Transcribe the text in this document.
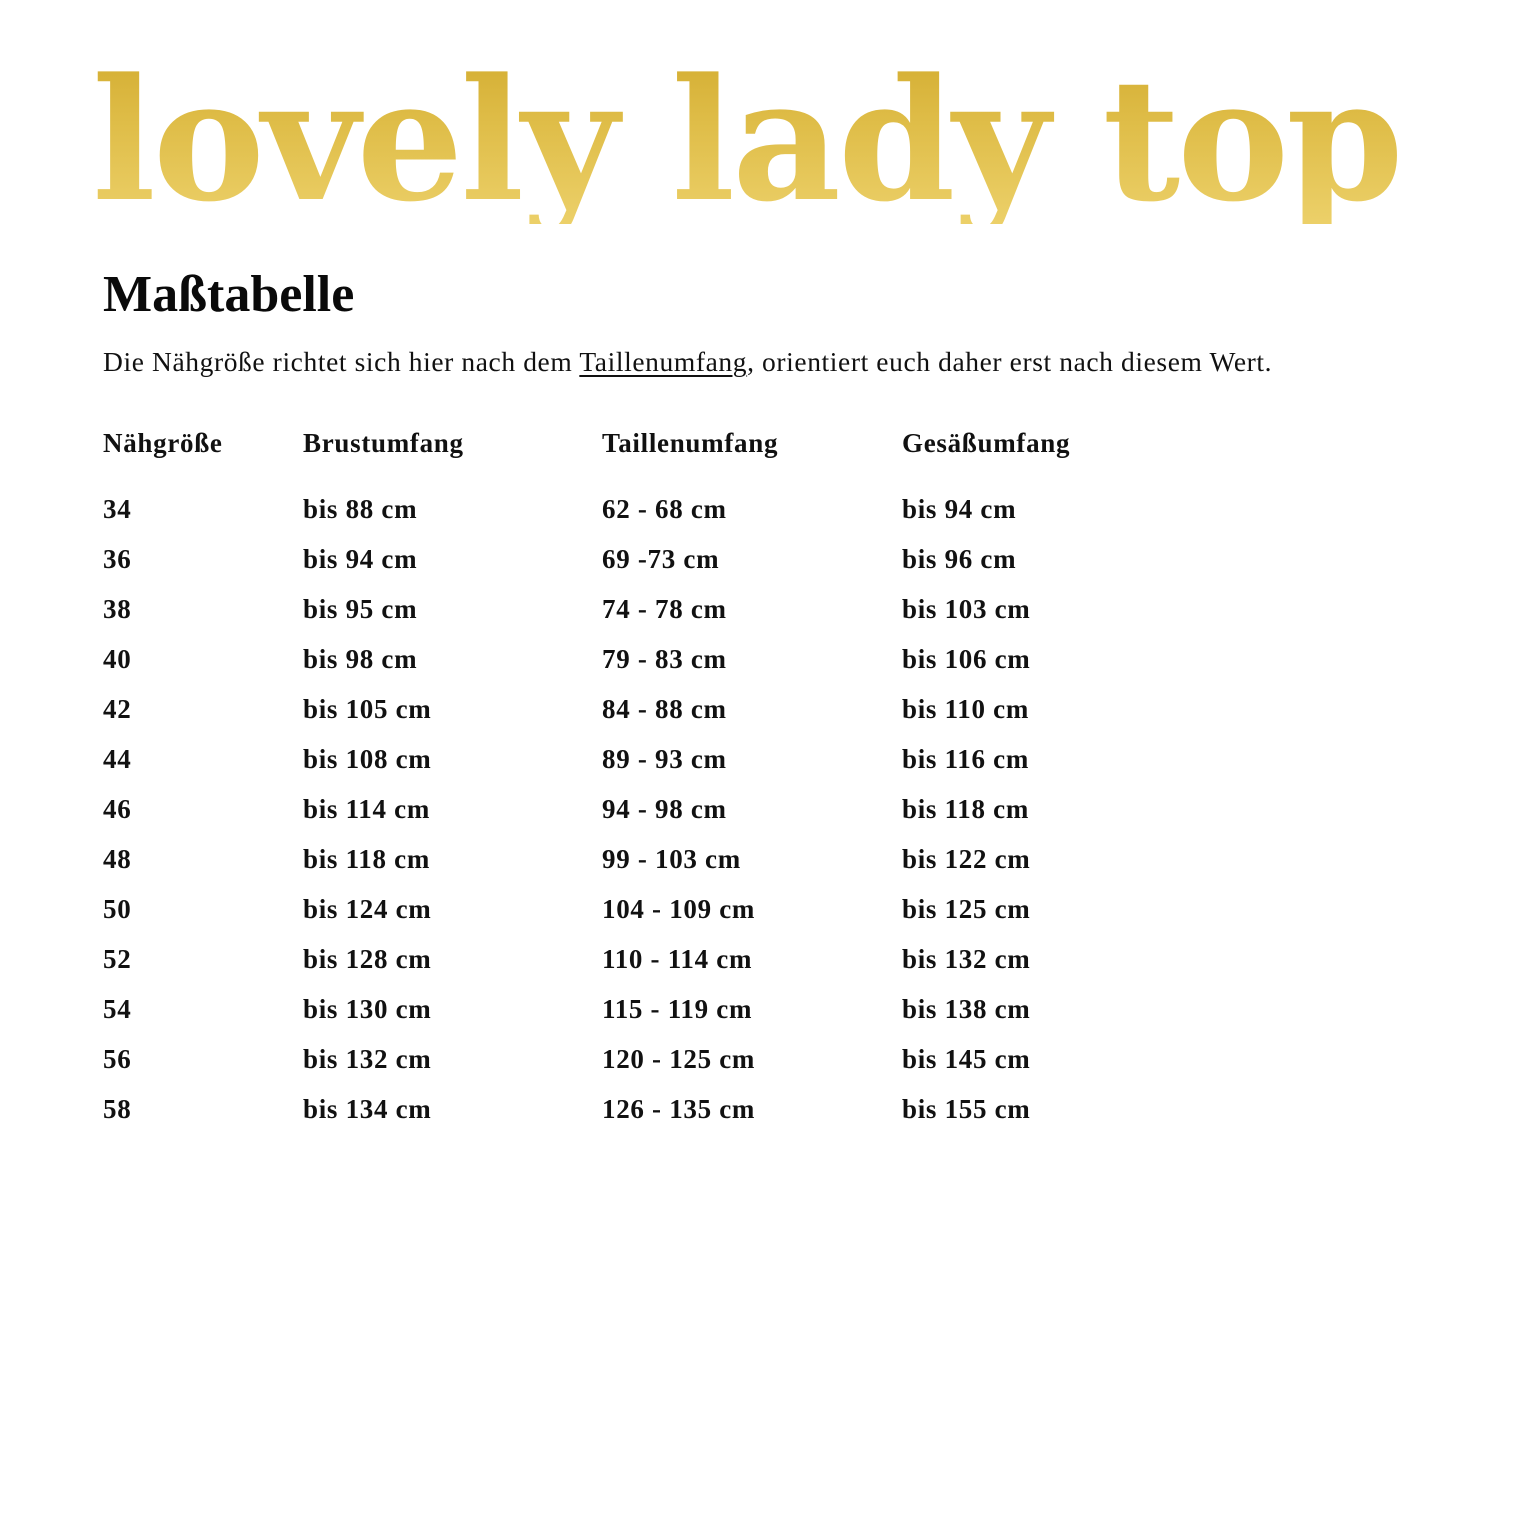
lovely lady top
Maßtabelle

Die Nähgröße richtet sich hier nach dem Taillenumfang, orientiert euch daher erst nach diesem Wert.

Nähgröße	Brustumfang	Taillenumfang	Gesäßumfang
34	bis 88 cm	62 - 68 cm	bis 94 cm
36	bis 94 cm	69 -73 cm	bis 96 cm
38	bis 95 cm	74 - 78 cm	bis 103 cm
40	bis 98 cm	79 - 83 cm	bis 106 cm
42	bis 105 cm	84 - 88 cm	bis 110 cm
44	bis 108 cm	89 - 93 cm	bis 116 cm
46	bis 114 cm	94 - 98 cm	bis 118 cm
48	bis 118 cm	99 - 103 cm	bis 122 cm
50	bis 124 cm	104 - 109 cm	bis 125 cm
52	bis 128 cm	110 - 114 cm	bis 132 cm
54	bis 130 cm	115 - 119 cm	bis 138 cm
56	bis 132 cm	120 - 125 cm	bis 145 cm
58	bis 134 cm	126 - 135 cm	bis 155 cm
